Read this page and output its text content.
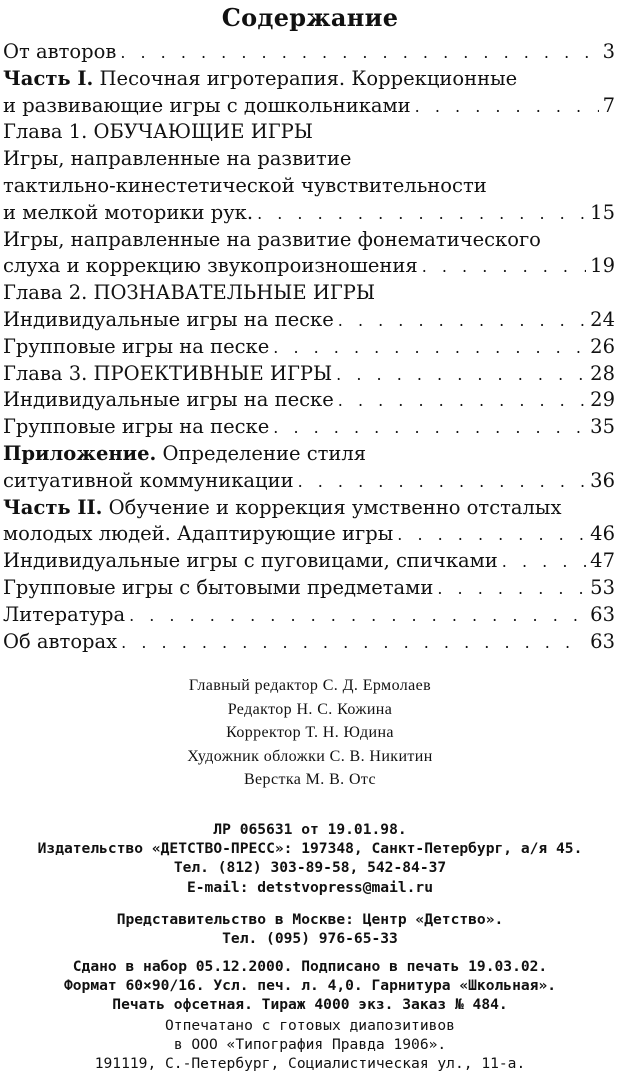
Содержание
От авторов . . .	3
Часть I. Песочная игротерапия. Коррекционные
и развивающие игры с дошкольниками . . .	7
Глава 1. ОБУЧАЮЩИЕ ИГРЫ
Игры, направленные на развитие
тактильно-кинестетической чувствительности
и мелкой моторики рук. . . .	15
Игры, направленные на развитие фонематического
слуха и коррекцию звукопроизношения . . .	19
Глава 2. ПОЗНАВАТЕЛЬНЫЕ ИГРЫ
Индивидуальные игры на песке . . .	24
Групповые игры на песке . . .	26
Глава 3. ПРОЕКТИВНЫЕ ИГРЫ . . .	28
Индивидуальные игры на песке . . .	29
Групповые игры на песке . . .	35
Приложение. Определение стиля
ситуативной коммуникации . . .	36
Часть II. Обучение и коррекция умственно отсталых
молодых людей. Адаптирующие игры . . .	46
Индивидуальные игры с пуговицами, спичками . . .	47
Групповые игры с бытовыми предметами . . .	53
Литература . . .	63
Об авторах . . .	63
Главный редактор С. Д. Ермолаев
Редактор Н. С. Кожина
Корректор Т. Н. Юдина
Художник обложки С. В. Никитин
Верстка М. В. Отс
ЛР 065631 от 19.01.98.
Издательство «ДЕТСТВО-ПРЕСС»: 197348, Санкт-Петербург, а/я 45.
Тел. (812) 303-89-58, 542-84-37
E-mail: detstvopress@mail.ru
Представительство в Москве: Центр «Детство».
Тел. (095) 976-65-33
Сдано в набор 05.12.2000. Подписано в печать 19.03.02.
Формат 60×90/16. Усл. печ. л. 4,0. Гарнитура «Школьная».
Печать офсетная. Тираж 4000 экз. Заказ № 484.
Отпечатано с готовых диапозитивов
в ООО «Типография Правда 1906».
191119, С.-Петербург, Социалистическая ул., 11-а.
